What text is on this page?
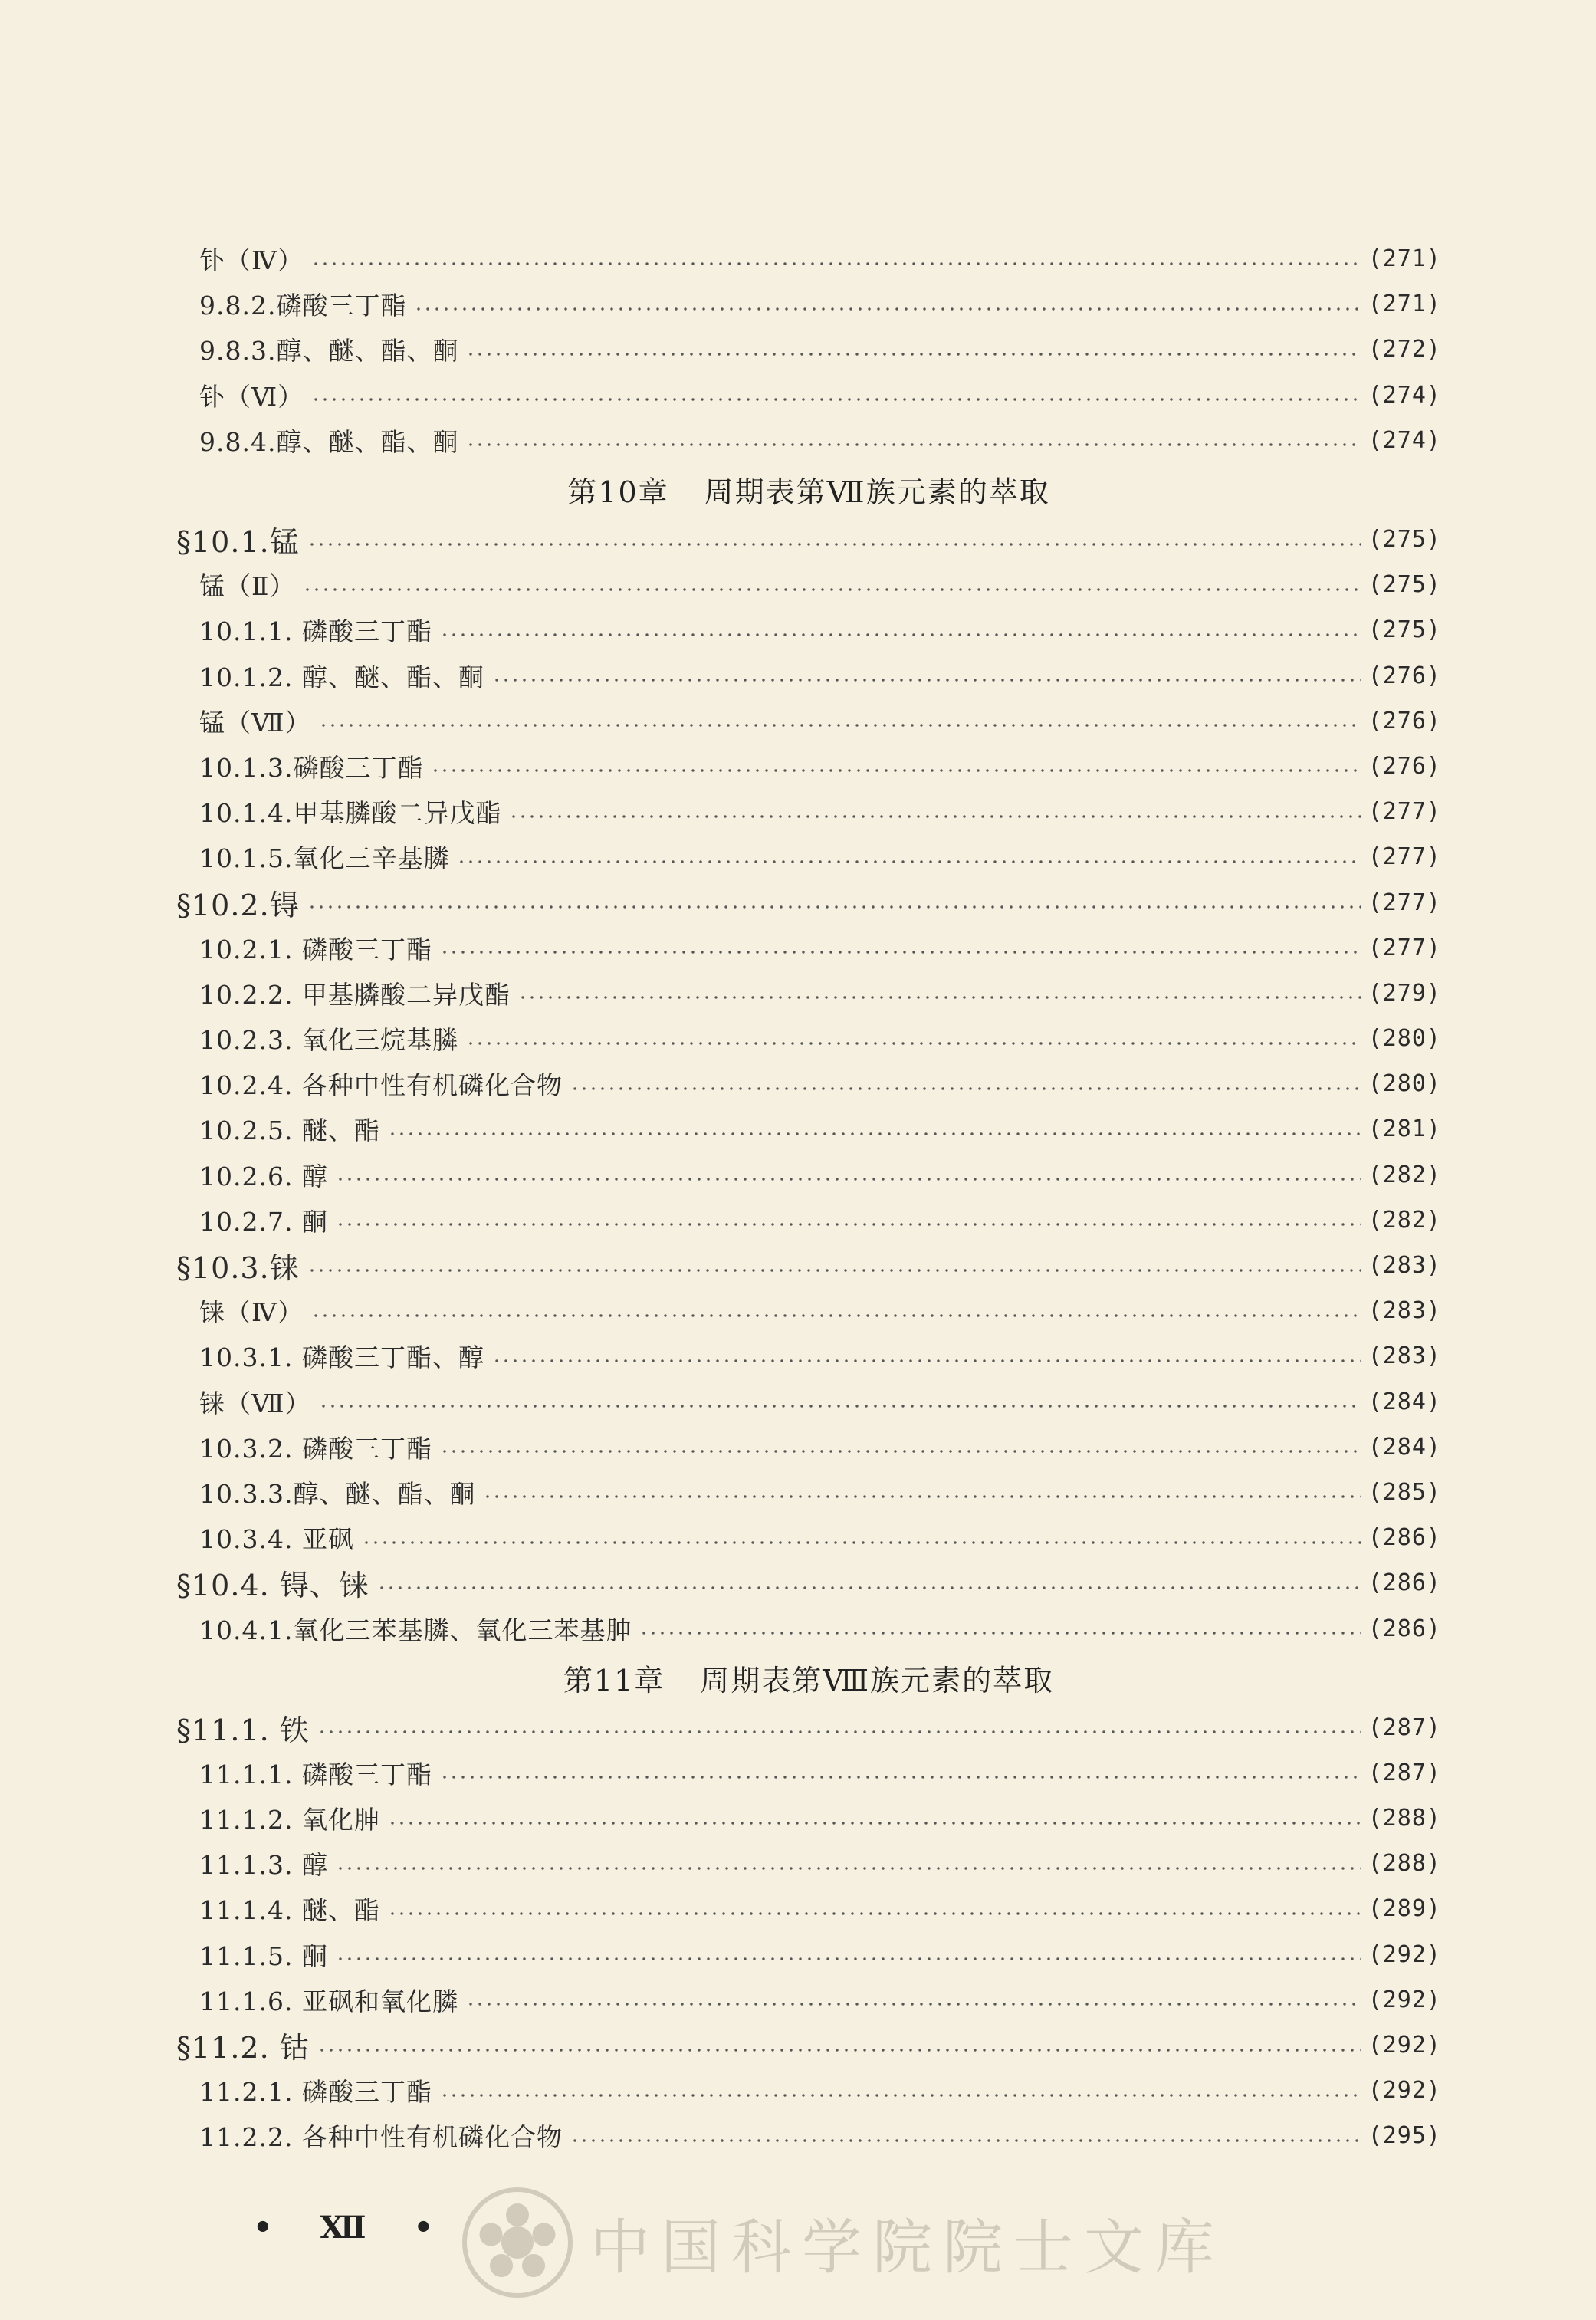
钋（Ⅳ）	(271)
9.8.2.磷酸三丁酯	(271)
9.8.3.醇、醚、酯、酮	(272)
钋（Ⅵ）	(274)
9.8.4.醇、醚、酯、酮	(274)
第10章 周期表第Ⅶ族元素的萃取
§10.1.锰	(275)
锰（Ⅱ）	(275)
10.1.1. 磷酸三丁酯	(275)
10.1.2. 醇、醚、酯、酮	(276)
锰（Ⅶ）	(276)
10.1.3.磷酸三丁酯	(276)
10.1.4.甲基膦酸二异戊酯	(277)
10.1.5.氧化三辛基膦	(277)
§10.2.锝	(277)
10.2.1. 磷酸三丁酯	(277)
10.2.2. 甲基膦酸二异戊酯	(279)
10.2.3. 氧化三烷基膦	(280)
10.2.4. 各种中性有机磷化合物	(280)
10.2.5. 醚、酯	(281)
10.2.6. 醇	(282)
10.2.7. 酮	(282)
§10.3.铼	(283)
铼（Ⅳ）	(283)
10.3.1. 磷酸三丁酯、醇	(283)
铼（Ⅶ）	(284)
10.3.2. 磷酸三丁酯	(284)
10.3.3.醇、醚、酯、酮	(285)
10.3.4. 亚砜	(286)
§10.4. 锝、铼	(286)
10.4.1.氧化三苯基膦、氧化三苯基胂	(286)
第11章 周期表第Ⅷ族元素的萃取
§11.1. 铁	(287)
11.1.1. 磷酸三丁酯	(287)
11.1.2. 氧化胂	(288)
11.1.3. 醇	(288)
11.1.4. 醚、酯	(289)
11.1.5. 酮	(292)
11.1.6. 亚砜和氧化膦	(292)
§11.2. 钴	(292)
11.2.1. 磷酸三丁酯	(292)
11.2.2. 各种中性有机磷化合物	(295)
• Ⅻ • 中国科学院院士文库
